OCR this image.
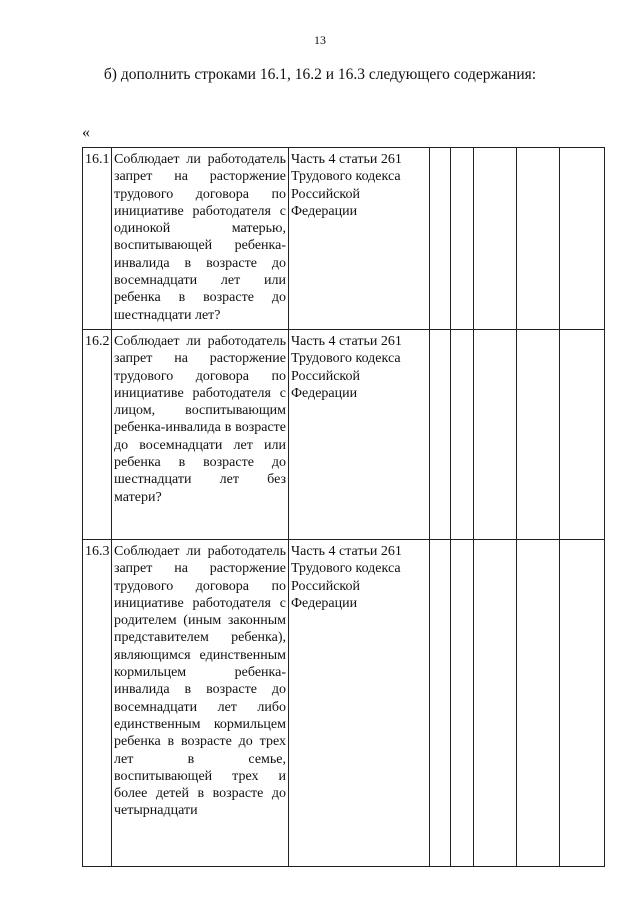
13
б) дополнить строками 16.1, 16.2 и 16.3 следующего содержания:
«
16.1	Соблюдает ли работодатель запрет на расторжение трудового договора по инициативе работодателя с одинокой матерью, воспитывающей ребенка-инвалида в возрасте до восемнадцати лет или ребенка в возрасте до шестнадцати лет?	Часть 4 статьи 261 Трудового кодекса Российской Федерации					
16.2	Соблюдает ли работодатель запрет на расторжение трудового договора по инициативе работодателя с лицом, воспитывающим ребенка-инвалида в возрасте до восемнадцати лет или ребенка в возрасте до шестнадцати лет без матери?	Часть 4 статьи 261 Трудового кодекса Российской Федерации					
16.3	Соблюдает ли работодатель запрет на расторжение трудового договора по инициативе работодателя с родителем (иным законным представителем ребенка), являющимся единственным кормильцем ребенка-инвалида в возрасте до восемнадцати лет либо единственным кормильцем ребенка в возрасте до трех лет в семье, воспитывающей трех и более детей в возрасте до четырнадцати	Часть 4 статьи 261 Трудового кодекса Российской Федерации					
